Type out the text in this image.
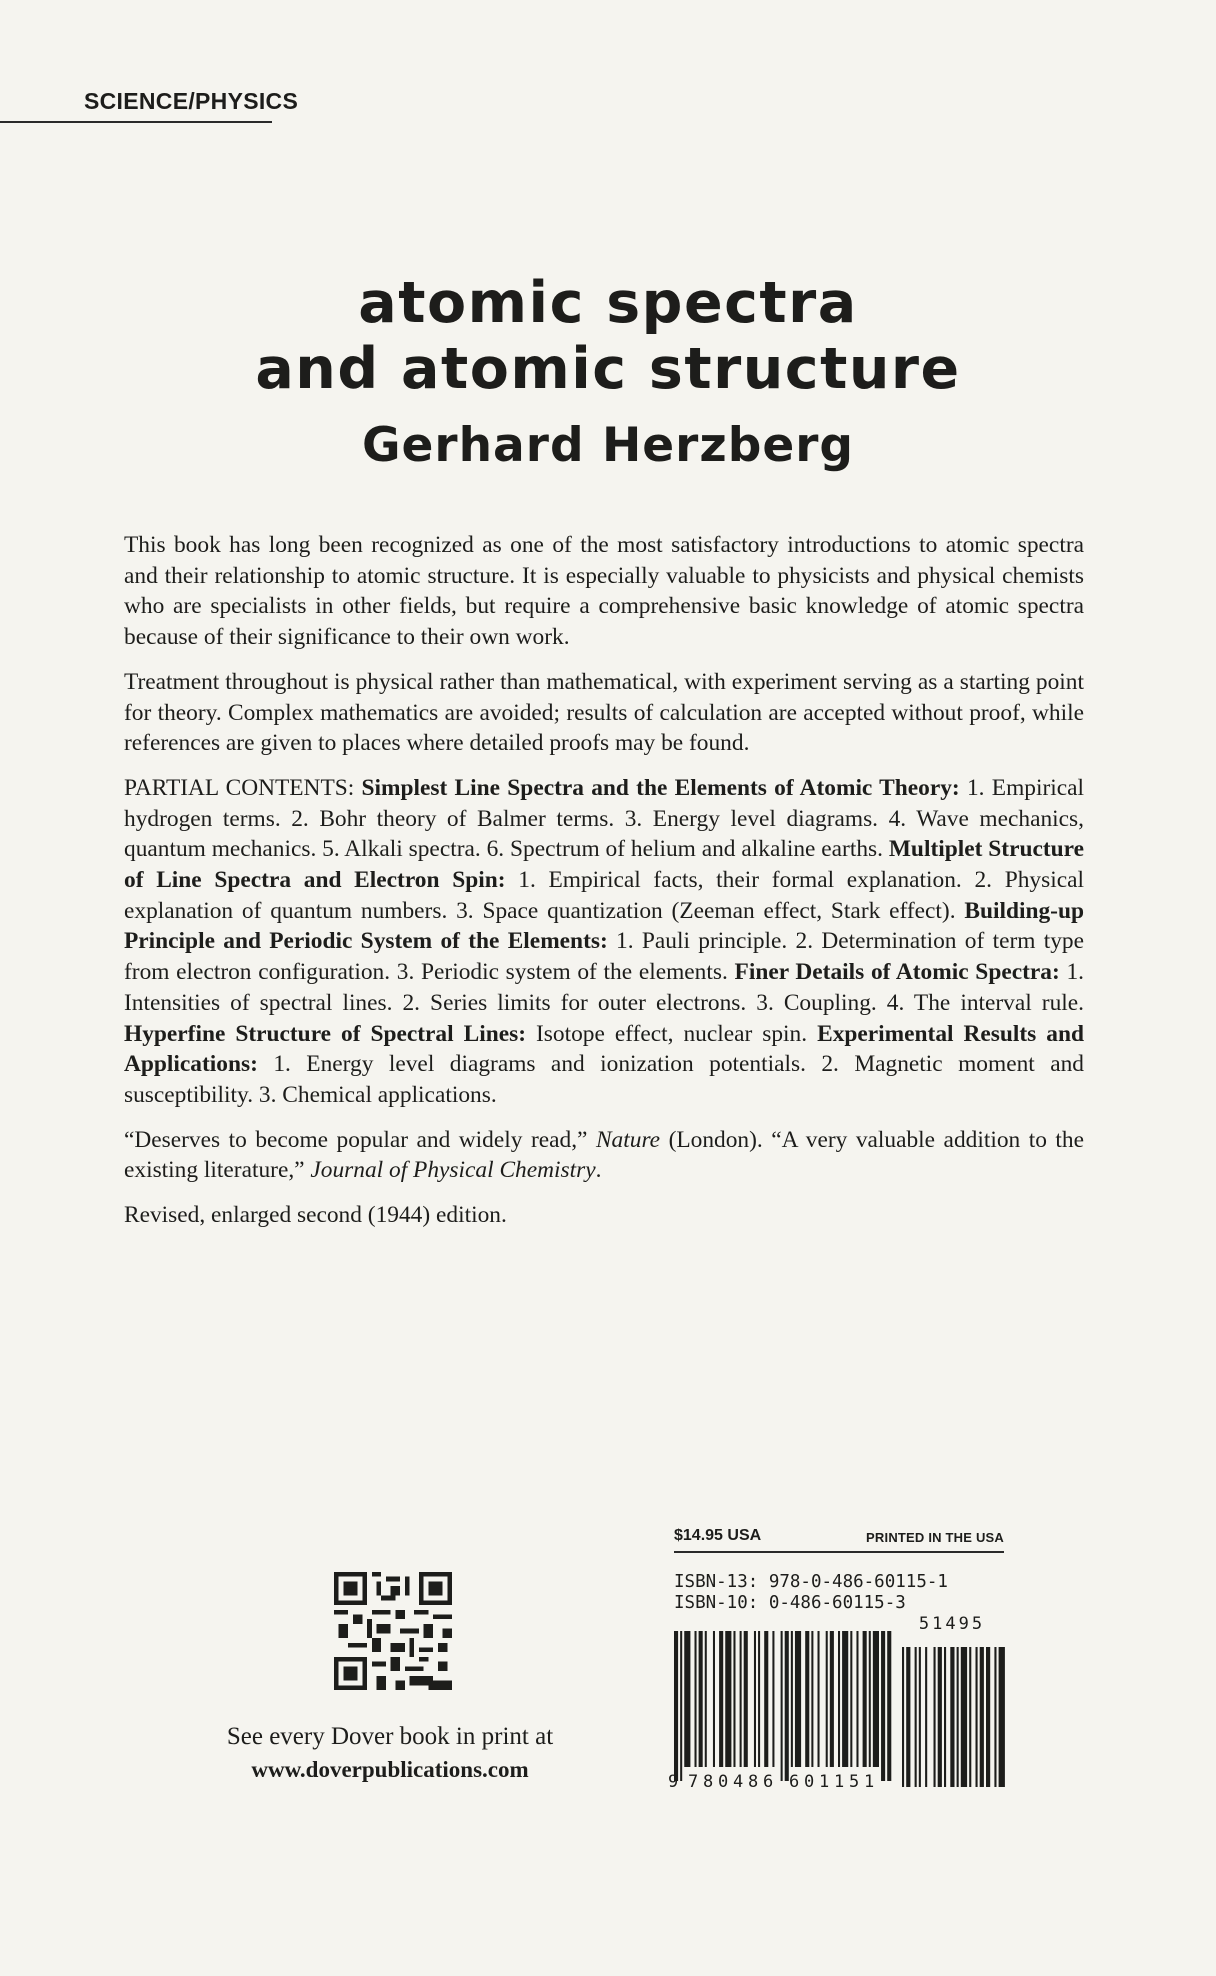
SCIENCE/PHYSICS
atomic spectra
and atomic structure
Gerhard Herzberg

This book has long been recognized as one of the most satisfactory introductions to atomic spectra and their relationship to atomic structure. It is especially valuable to physicists and physical chemists who are specialists in other fields, but require a comprehensive basic knowledge of atomic spectra because of their significance to their own work.

Treatment throughout is physical rather than mathematical, with experiment serving as a starting point for theory. Complex mathematics are avoided; results of calculation are accepted without proof, while references are given to places where detailed proofs may be found.

PARTIAL CONTENTS: Simplest Line Spectra and the Elements of Atomic Theory: 1. Empirical hydrogen terms. 2. Bohr theory of Balmer terms. 3. Energy level diagrams. 4. Wave mechanics, quantum mechanics. 5. Alkali spectra. 6. Spectrum of helium and alkaline earths. Multiplet Structure of Line Spectra and Electron Spin: 1. Empirical facts, their formal explanation. 2. Physical explanation of quantum numbers. 3. Space quantization (Zeeman effect, Stark effect). Building-up Principle and Periodic System of the Elements: 1. Pauli principle. 2. Determination of term type from electron configuration. 3. Periodic system of the elements. Finer Details of Atomic Spectra: 1. Intensities of spectral lines. 2. Series limits for outer electrons. 3. Coupling. 4. The interval rule. Hyperfine Structure of Spectral Lines: Isotope effect, nuclear spin. Experimental Results and Applications: 1. Energy level diagrams and ionization potentials. 2. Magnetic moment and susceptibility. 3. Chemical applications.

“Deserves to become popular and widely read,” Nature (London). “A very valuable addition to the existing literature,” Journal of Physical Chemistry.

Revised, enlarged second (1944) edition.

See every Dover book in print at
www.doverpublications.com
$14.95 USA	PRINTED IN THE USA
ISBN-13: 978-0-486-60115-1
ISBN-10: 0-486-60115-3
51495
9 7 8 0 4 8 6 6 0 1 1 5 1
